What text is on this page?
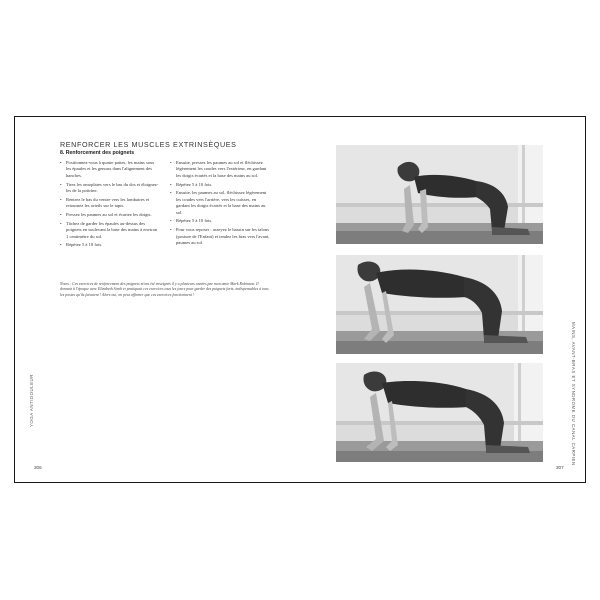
RENFORCER LES MUSCLES EXTRINSÈQUES
8. Renforcement des poignets
• Positionnez-vous à quatre pattes, les mains sous les épaules et les genoux dans l'alignement des hanches.
• Tirez les omoplates vers le bas du dos et éloignez-les de la poitrine.
• Rentrez le bas du ventre vers les lombaires et retournez les orteils sur le tapis.
• Pressez les paumes au sol et écartez les doigts.
• Tâchez de garder les épaules au-dessus des poignets en soulevant la base des mains à environ 1 centimètre du sol.
• Répétez 5 à 10 fois.
• Ensuite, pressez les paumes au sol et fléchissez légèrement les coudes vers l'extérieur, en gardant les doigts écartés et la base des mains au sol.
• Répétez 5 à 10 fois.
• Ensuite, les paumes au sol, fléchissez légèrement les coudes vers l'arrière, vers les cuisses, en gardant les doigts écartés et la base des mains au sol.
• Répétez 5 à 10 fois.
• Pour vous reposer : asseyez le bassin sur les talons (posture de l'Enfant) et tendez les bras vers l'avant, paumes au sol.
Notes : Ces exercices de renforcement des poignets m'ont été enseignés il y a plusieurs années par mon amie Mark Robinson. Il donnait à l'époque avec Elizabeth Stroh et pratiquait ces exercices tous les jours pour garder des poignets forts, indispensables à tous les postes qu'ils faisaient ! Alors oui, on peut affirmer que ces exercices fonctionnent !
YOGA ANTIDOULEUR
306
MAINS, AVANT-BRAS ET SYNDROME DU CANAL CARPIEN
307
